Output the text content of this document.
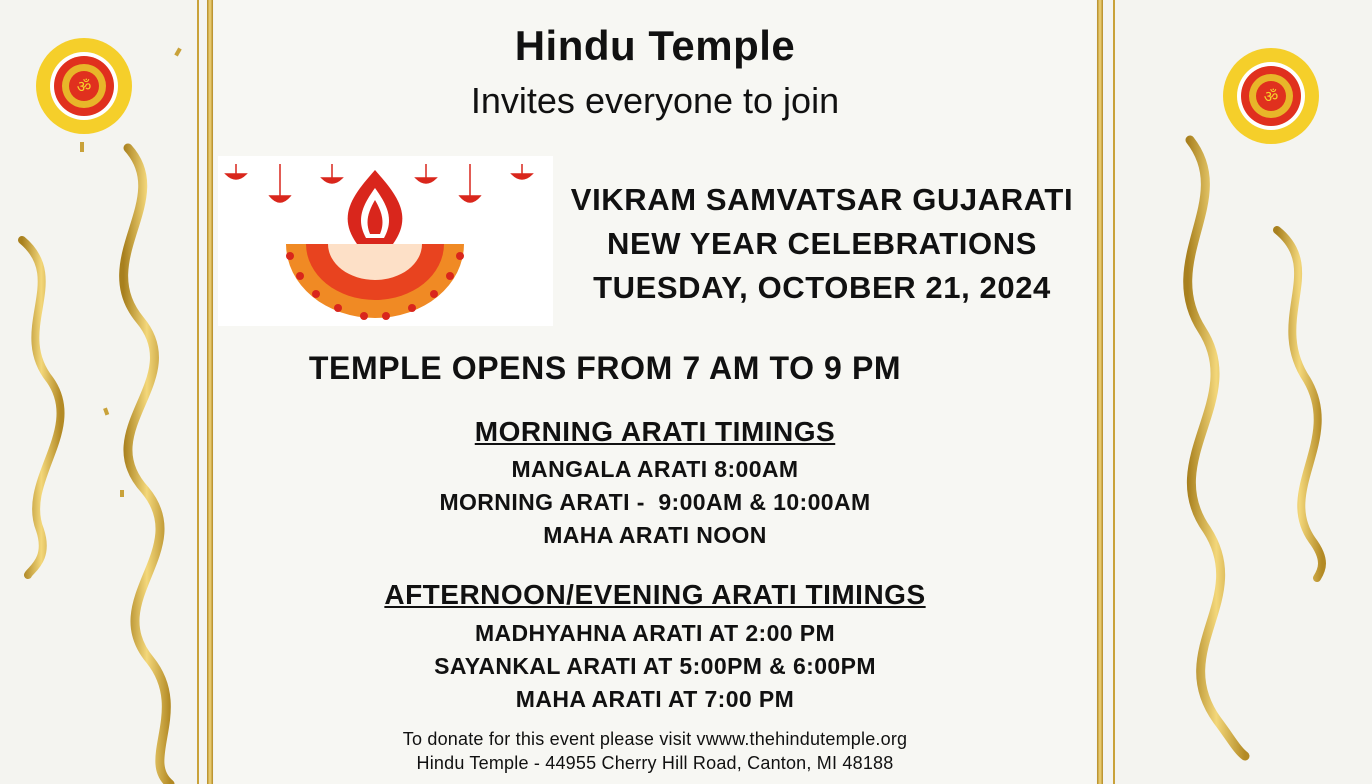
ॐ
ॐ
Hindu Temple
Invites everyone to join
VIKRAM SAMVATSAR GUJARATI
NEW YEAR CELEBRATIONS
TUESDAY, OCTOBER 21, 2024
TEMPLE OPENS FROM 7 AM TO 9 PM
MORNING ARATI TIMINGS
MANGALA ARATI 8:00AM
MORNING ARATI -  9:00AM & 10:00AM
MAHA ARATI NOON
AFTERNOON/EVENING ARATI TIMINGS
MADHYAHNA ARATI AT 2:00 PM
SAYANKAL ARATI AT 5:00PM & 6:00PM
MAHA ARATI AT 7:00 PM
To donate for this event please visit vwww.thehindutemple.org
Hindu Temple - 44955 Cherry Hill Road, Canton, MI 48188
